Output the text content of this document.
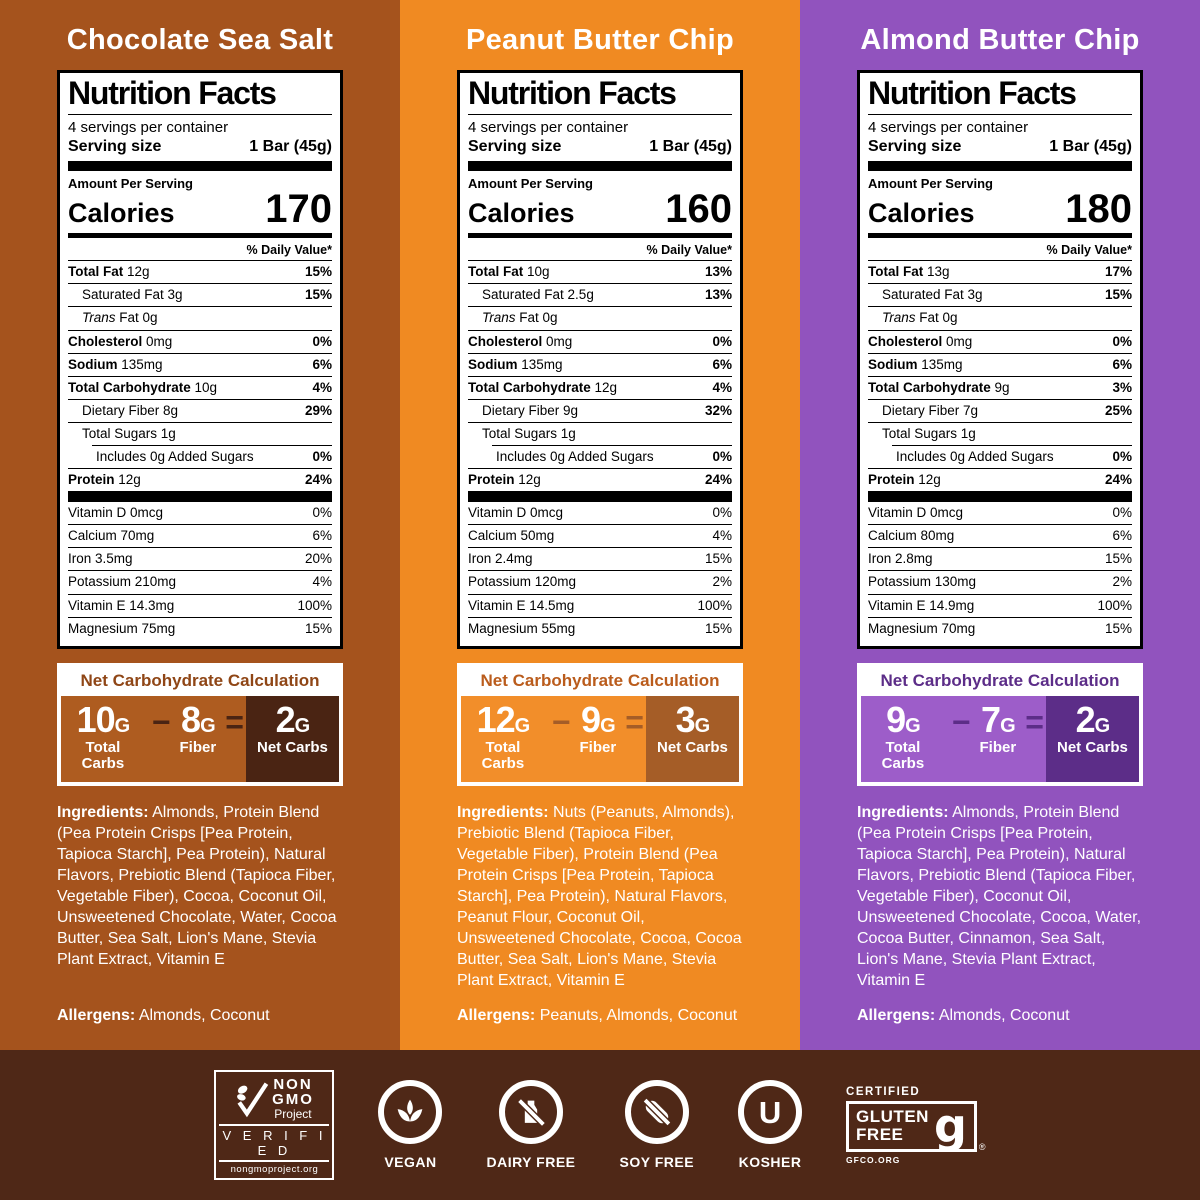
Chocolate Sea Salt
Nutrition Facts
4 servings per container
Serving size	1 Bar (45g)
Amount Per Serving
Calories 170
% Daily Value*
Total Fat 12g	15%
Saturated Fat 3g	15%
Trans Fat 0g
Cholesterol 0mg	0%
Sodium 135mg	6%
Total Carbohydrate 10g	4%
Dietary Fiber 8g	29%
Total Sugars 1g
Includes 0g Added Sugars	0%
Protein 12g	24%
Vitamin D 0mcg	0%
Calcium 70mg	6%
Iron 3.5mg	20%
Potassium 210mg	4%
Vitamin E 14.3mg	100%
Magnesium 75mg	15%
Net Carbohydrate Calculation
10G
Total Carbs
− 8G
Fiber
= 2G
Net Carbs

Ingredients: Almonds, Protein Blend (Pea Protein Crisps [Pea Protein, Tapioca Starch], Pea Protein), Natural Flavors, Prebiotic Blend (Tapioca Fiber, Vegetable Fiber), Cocoa, Coconut Oil, Unsweetened Chocolate, Water, Cocoa Butter, Sea Salt, Lion's Mane, Stevia Plant Extract, Vitamin E

Allergens: Almonds, Coconut

Peanut Butter Chip
Nutrition Facts
4 servings per container
Serving size	1 Bar (45g)
Amount Per Serving
Calories 160
% Daily Value*
Total Fat 10g	13%
Saturated Fat 2.5g	13%
Trans Fat 0g
Cholesterol 0mg	0%
Sodium 135mg	6%
Total Carbohydrate 12g	4%
Dietary Fiber 9g	32%
Total Sugars 1g
Includes 0g Added Sugars	0%
Protein 12g	24%
Vitamin D 0mcg	0%
Calcium 50mg	4%
Iron 2.4mg	15%
Potassium 120mg	2%
Vitamin E 14.5mg	100%
Magnesium 55mg	15%
Net Carbohydrate Calculation
12G
Total Carbs
− 9G
Fiber
= 3G
Net Carbs

Ingredients: Nuts (Peanuts, Almonds), Prebiotic Blend (Tapioca Fiber, Vegetable Fiber), Protein Blend (Pea Protein Crisps [Pea Protein, Tapioca Starch], Pea Protein), Natural Flavors, Peanut Flour, Coconut Oil, Unsweetened Chocolate, Cocoa, Cocoa Butter, Sea Salt, Lion's Mane, Stevia Plant Extract, Vitamin E

Allergens: Peanuts, Almonds, Coconut

Almond Butter Chip
Nutrition Facts
4 servings per container
Serving size	1 Bar (45g)
Amount Per Serving
Calories 180
% Daily Value*
Total Fat 13g	17%
Saturated Fat 3g	15%
Trans Fat 0g
Cholesterol 0mg	0%
Sodium 135mg	6%
Total Carbohydrate 9g	3%
Dietary Fiber 7g	25%
Total Sugars 1g
Includes 0g Added Sugars	0%
Protein 12g	24%
Vitamin D 0mcg	0%
Calcium 80mg	6%
Iron 2.8mg	15%
Potassium 130mg	2%
Vitamin E 14.9mg	100%
Magnesium 70mg	15%
Net Carbohydrate Calculation
9G
Total Carbs
− 7G
Fiber
= 2G
Net Carbs

Ingredients: Almonds, Protein Blend (Pea Protein Crisps [Pea Protein, Tapioca Starch], Pea Protein), Natural Flavors, Prebiotic Blend (Tapioca Fiber, Vegetable Fiber), Coconut Oil, Unsweetened Chocolate, Cocoa, Water, Cocoa Butter, Cinnamon, Sea Salt, Lion's Mane, Stevia Plant Extract, Vitamin E

Allergens: Almonds, Coconut

NON
GMO
Project
V E R I F I E D
nongmoproject.org	VEGAN	DAIRY FREE	SOY FREE
U
KOSHER
CERTIFIED
GLUTEN
FREE g ®
GFCO.ORG
